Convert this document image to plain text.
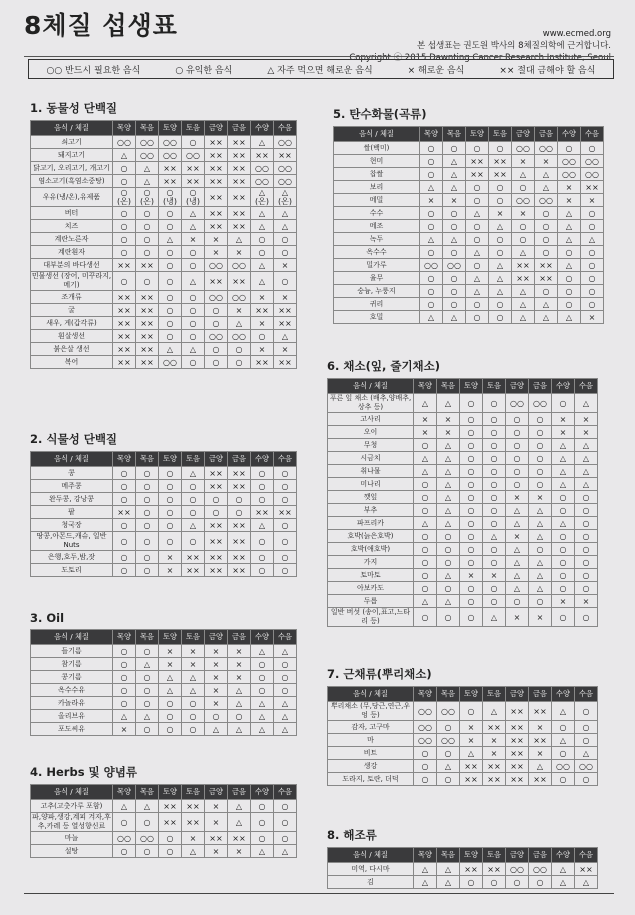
8체질 섭생표	www.ecmed.org
본 섭생표는 권도원 박사의 8체질의학에 근거합니다.
Copyright ⓒ 2015 Dawnting Cancer Research Institute, Seoul
○○ 반드시 필요한 음식	○ 유익한 음식	△ 자주 먹으면 해로운 음식	× 해로운 음식	×× 절대 금해야 할 음식
1. 동물성 단백질
음식 / 체질	목양	목음	토양	토음	금양	금음	수양	수음
쇠고기	○○	○○	○○	○	××	××	△	○○
돼지고기	△	○○	○○	○○	××	××	××	××
닭고기, 오리고기, 개고기	○	△	××	××	××	××	○○	○○
염소고기(흑염소중탕)	○	△	××	××	××	××	○○	○○
우유(냉/온),유제품	○ (온)	○ (온)	○ (냉)	○ (냉)	××	××	△ (온)	△ (온)
버터	○	○	○	△	××	××	△	△
치즈	○	○	○	△	××	××	△	△
계란노른자	○	○	△	×	×	△	○	○
계란흰자	○	○	○	○	×	×	○	○
대부분의 바다생선	××	××	○	○	○○	○○	△	×
민물생선 (장어, 미꾸라지, 메기)	○	○	○	△	××	××	△	○
조개류	××	××	○	○	○○	○○	×	×
굴	××	××	○	○	○	×	××	××
새우, 게(갑각류)	××	××	○	○	○	△	×	××
흰살생선	××	××	○	○	○○	○○	○	△
붉은살 생선	××	××	△	△	○	○	×	×
복어	××	××	○○	○	○	○	××	××
2. 식물성 단백질
음식 / 체질	목양	목음	토양	토음	금양	금음	수양	수음
콩	○	○	○	△	××	××	○	○
메주콩	○	○	○	○	××	××	○	○
완두콩, 강낭콩	○	○	○	○	○	○	○	○
팥	××	○	○	○	○	○	××	××
청국장	○	○	○	△	××	××	△	○
땅콩,아몬드,캐슈, 일반 Nuts	○	○	○	○	××	××	○	○
은행,호두,밤,잣	○	○	×	××	××	××	○	○
도토리	○	○	×	××	××	××	○	○
3. Oil
음식 / 체질	목양	목음	토양	토음	금양	금음	수양	수음
들기름	○	○	×	×	×	×	△	△
참기름	○	△	×	×	×	×	○	○
콩기름	○	○	△	△	×	×	○	○
옥수수유	○	○	△	△	×	△	○	○
카놀라유	○	○	○	○	×	△	△	△
올리브유	△	△	○	○	○	○	△	△
포도씨유	×	○	○	○	△	△	△	△
4. Herbs 및 양념류
음식 / 체질	목양	목음	토양	토음	금양	금음	수양	수음
고추(고춧가루 포함)	△	△	××	××	×	△	○	○
파,양파,생강,계피 겨자,후추,카레 등 열성향신료	○	○	××	××	×	△	○	○
마늘	○○	○○	○	×	××	××	○	○
설탕	○	○	○	△	×	×	△	△
5. 탄수화물(곡류)
음식 / 체질	목양	목음	토양	토음	금양	금음	수양	수음
쌀(백미)	○	○	○	○	○○	○○	○	○
현미	○	△	××	××	×	×	○○	○○
찹쌀	○	△	××	××	△	△	○○	○○
보리	△	△	○	○	○	△	×	××
메밀	×	×	○	○	○○	○○	×	×
수수	○	○	△	×	×	○	△	○
메조	○	○	○	△	○	○	△	○
녹두	△	△	○	○	○	○	△	△
옥수수	○	○	△	○	△	○	○	○
밀가루	○○	○○	○	△	××	××	△	○
율무	○	○	△	△	××	××	○	○
숭늉, 누룽지	○	○	△	△	△	○	○	○
귀리	○	○	○	○	△	△	○	○
호밀	△	△	○	○	△	△	△	×
6. 채소(잎, 줄기채소)
음식 / 체질	목양	목음	토양	토음	금양	금음	수양	수음
푸른 잎 채소 (배추,양배추,상추 등)	△	△	○	○	○○	○○	○	△
고사리	×	×	○	○	○	○	×	×
오이	×	×	○	○	○	○	×	×
무청	○	△	○	○	○	○	△	△
시금치	△	△	○	○	○	○	△	△
취나물	△	△	○	○	○	○	△	△
미나리	○	△	○	○	○	○	△	△
깻잎	○	△	○	○	×	×	○	○
부추	○	△	○	○	△	△	○	○
파프리카	△	△	○	○	△	△	△	○
호박(늙은호박)	○	○	○	△	×	△	○	○
호박(애호박)	○	○	○	○	△	○	○	○
가지	○	○	○	○	△	△	○	○
토마토	○	△	×	×	△	△	○	○
아보카도	○	○	○	○	△	△	○	○
두릅	△	△	○	○	○	○	×	×
일반 버섯 (송이,표고,느타리 등)	○	○	○	△	×	×	○	○
7. 근채류(뿌리채소)
음식 / 체질	목양	목음	토양	토음	금양	금음	수양	수음
뿌리채소 (무,당근,연근,우엉 등)	○○	○○	○	△	××	××	△	○
감자, 고구마	○○	○	×	××	××	×	○	○
마	○○	○○	×	×	××	××	△	○
비트	○	○	△	×	××	×	○	△
생강	○	△	××	××	××	△	○○	○○
도라지, 토란, 더덕	○	○	××	××	××	××	○	○
8. 해조류
음식 / 체질	목양	목음	토양	토음	금양	금음	수양	수음
미역, 다시마	△	△	××	××	○○	○○	△	××
김	△	△	○	○	○	○	△	△
